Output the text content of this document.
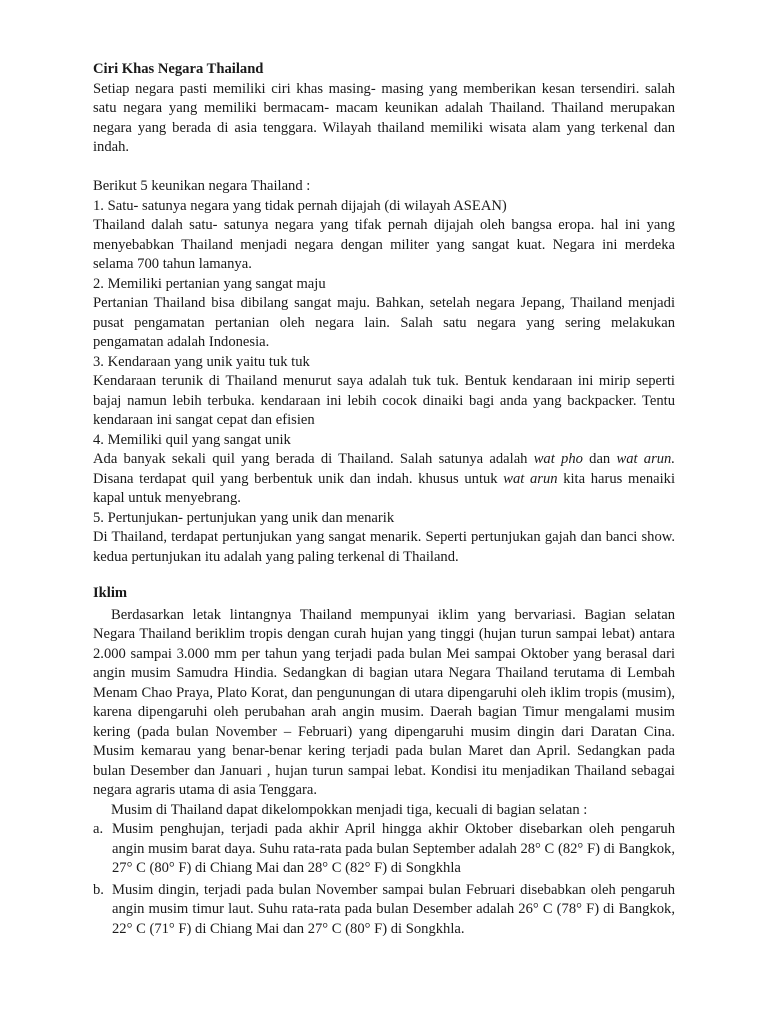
Ciri Khas Negara Thailand

Setiap negara pasti memiliki ciri khas masing- masing yang memberikan kesan tersendiri. salah satu negara yang memiliki bermacam- macam keunikan adalah Thailand. Thailand merupakan negara yang berada di asia tenggara. Wilayah thailand memiliki wisata alam yang terkenal dan indah.

Berikut 5 keunikan negara Thailand :

1. Satu- satunya negara yang tidak pernah dijajah (di wilayah ASEAN)

Thailand dalah satu- satunya negara yang tifak pernah dijajah oleh bangsa eropa. hal ini yang menyebabkan Thailand menjadi negara dengan militer yang sangat kuat. Negara ini merdeka selama 700 tahun lamanya.

2. Memiliki pertanian yang sangat maju

Pertanian Thailand bisa dibilang sangat maju. Bahkan, setelah negara Jepang, Thailand menjadi pusat pengamatan pertanian oleh negara lain. Salah satu negara yang sering melakukan pengamatan adalah Indonesia.

3. Kendaraan yang unik yaitu tuk tuk

Kendaraan terunik di Thailand menurut saya adalah tuk tuk. Bentuk kendaraan ini mirip seperti bajaj namun lebih terbuka. kendaraan ini lebih cocok dinaiki bagi anda yang backpacker. Tentu kendaraan ini sangat cepat dan efisien

4. Memiliki quil yang sangat unik

Ada banyak sekali quil yang berada di Thailand. Salah satunya adalah wat pho dan wat arun. Disana terdapat quil yang berbentuk unik dan indah. khusus untuk wat arun kita harus menaiki kapal untuk menyebrang.

5. Pertunjukan- pertunjukan yang unik dan menarik

Di Thailand, terdapat pertunjukan yang sangat menarik. Seperti pertunjukan gajah dan banci show. kedua pertunjukan itu adalah yang paling terkenal di Thailand.

Iklim

Berdasarkan letak lintangnya Thailand mempunyai iklim yang bervariasi. Bagian selatan Negara Thailand beriklim tropis dengan curah hujan yang tinggi (hujan turun sampai lebat) antara 2.000 sampai 3.000 mm per tahun yang terjadi pada bulan Mei sampai Oktober yang berasal dari angin musim Samudra Hindia. Sedangkan di bagian utara Negara Thailand terutama di Lembah Menam Chao Praya, Plato Korat, dan pengunungan di utara dipengaruhi oleh iklim tropis (musim), karena dipengaruhi oleh perubahan arah angin musim. Daerah bagian Timur mengalami musim kering (pada bulan November – Februari) yang dipengaruhi musim dingin dari Daratan Cina. Musim kemarau yang benar-benar kering terjadi pada bulan Maret dan April. Sedangkan pada bulan Desember dan Januari , hujan turun sampai lebat. Kondisi itu menjadikan Thailand sebagai negara agraris utama di asia Tenggara.

Musim di Thailand dapat dikelompokkan menjadi tiga, kecuali di bagian selatan :

a. Musim penghujan, terjadi pada akhir April hingga akhir Oktober disebarkan oleh pengaruh angin musim barat daya. Suhu rata-rata pada bulan September adalah 28° C (82° F) di Bangkok, 27° C (80° F) di Chiang Mai dan 28° C (82° F) di Songkhla
b. Musim dingin, terjadi pada bulan November sampai bulan Februari disebabkan oleh pengaruh angin musim timur laut. Suhu rata-rata pada bulan Desember adalah 26° C (78° F) di Bangkok, 22° C (71° F) di Chiang Mai dan 27° C (80° F) di Songkhla.
